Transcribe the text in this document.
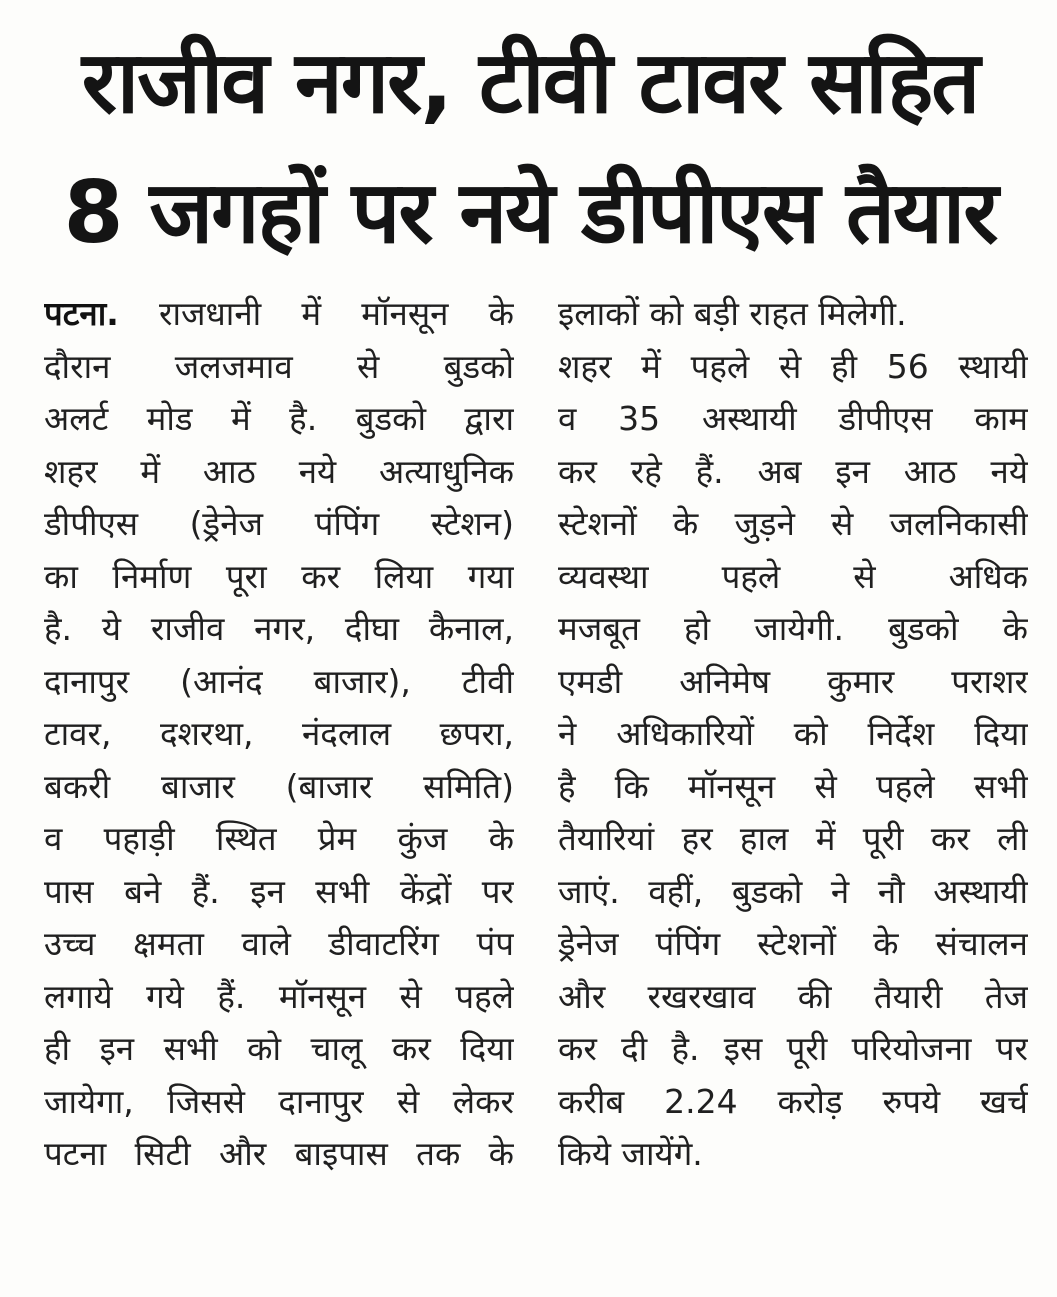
राजीव नगर, टीवी टावर सहित
8 जगहों पर नये डीपीएस तैयार
पटना. राजधानी में मॉनसून के
दौरान जलजमाव से बुडको
अलर्ट मोड में है. बुडको द्वारा
शहर में आठ नये अत्याधुनिक
डीपीएस (ड्रेनेज पंपिंग स्टेशन)
का निर्माण पूरा कर लिया गया
है. ये राजीव नगर, दीघा कैनाल,
दानापुर (आनंद बाजार), टीवी
टावर, दशरथा, नंदलाल छपरा,
बकरी बाजार (बाजार समिति)
व पहाड़ी स्थित प्रेम कुंज के
पास बने हैं. इन सभी केंद्रों पर
उच्च क्षमता वाले डीवाटरिंग पंप
लगाये गये हैं. मॉनसून से पहले
ही इन सभी को चालू कर दिया
जायेगा, जिससे दानापुर से लेकर
पटना सिटी और बाइपास तक के
इलाकों को बड़ी राहत मिलेगी.
शहर में पहले से ही 56 स्थायी
व 35 अस्थायी डीपीएस काम
कर रहे हैं. अब इन आठ नये
स्टेशनों के जुड़ने से जलनिकासी
व्यवस्था पहले से अधिक
मजबूत हो जायेगी. बुडको के
एमडी अनिमेष कुमार पराशर
ने अधिकारियों को निर्देश दिया
है कि मॉनसून से पहले सभी
तैयारियां हर हाल में पूरी कर ली
जाएं. वहीं, बुडको ने नौ अस्थायी
ड्रेनेज पंपिंग स्टेशनों के संचालन
और रखरखाव की तैयारी तेज
कर दी है. इस पूरी परियोजना पर
करीब 2.24 करोड़ रुपये खर्च
किये जायेंगे.
